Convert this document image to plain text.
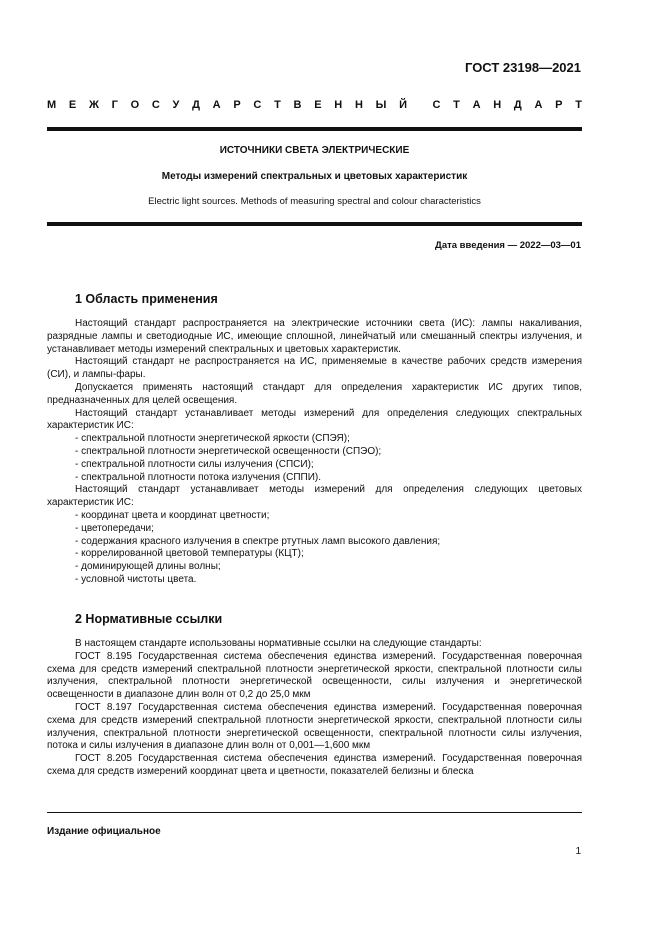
ГОСТ 23198—2021
М Е Ж Г О С У Д А Р С Т В Е Н Н Ы Й С Т А Н Д А Р Т
ИСТОЧНИКИ СВЕТА ЭЛЕКТРИЧЕСКИЕ
Методы измерений спектральных и цветовых характеристик
Electric light sources. Methods of measuring spectral and colour characteristics
Дата введения — 2022—03—01
1 Область применения

Настоящий стандарт распространяется на электрические источники света (ИС): лампы накаливания, разрядные лампы и светодиодные ИС, имеющие сплошной, линейчатый или смешанный спектры излучения, и устанавливает методы измерений спектральных и цветовых характеристик.

Настоящий стандарт не распространяется на ИС, применяемые в качестве рабочих средств измерения (СИ), и лампы-фары.

Допускается применять настоящий стандарт для определения характеристик ИС других типов, предназначенных для целей освещения.

Настоящий стандарт устанавливает методы измерений для определения следующих спектральных характеристик ИС:

- спектральной плотности энергетической яркости (СПЭЯ);

- спектральной плотности энергетической освещенности (СПЭО);

- спектральной плотности силы излучения (СПСИ);

- спектральной плотности потока излучения (СППИ).

Настоящий стандарт устанавливает методы измерений для определения следующих цветовых характеристик ИС:

- координат цвета и координат цветности;

- цветопередачи;

- содержания красного излучения в спектре ртутных ламп высокого давления;

- коррелированной цветовой температуры (КЦТ);

- доминирующей длины волны;

- условной чистоты цвета.

2 Нормативные ссылки

В настоящем стандарте использованы нормативные ссылки на следующие стандарты:

ГОСТ 8.195 Государственная система обеспечения единства измерений. Государственная поверочная схема для средств измерений спектральной плотности энергетической яркости, спектральной плотности силы излучения, спектральной плотности энергетической освещенности, силы излучения и энергетической освещенности в диапазоне длин волн от 0,2 до 25,0 мкм

ГОСТ 8.197 Государственная система обеспечения единства измерений. Государственная поверочная схема для средств измерений спектральной плотности энергетической яркости, спектральной плотности силы излучения, спектральной плотности энергетической освещенности, спектральной плотности силы излучения, потока и силы излучения в диапазоне длин волн от 0,001—1,600 мкм

ГОСТ 8.205 Государственная система обеспечения единства измерений. Государственная поверочная схема для средств измерений координат цвета и цветности, показателей белизны и блеска

Издание официальное
1
